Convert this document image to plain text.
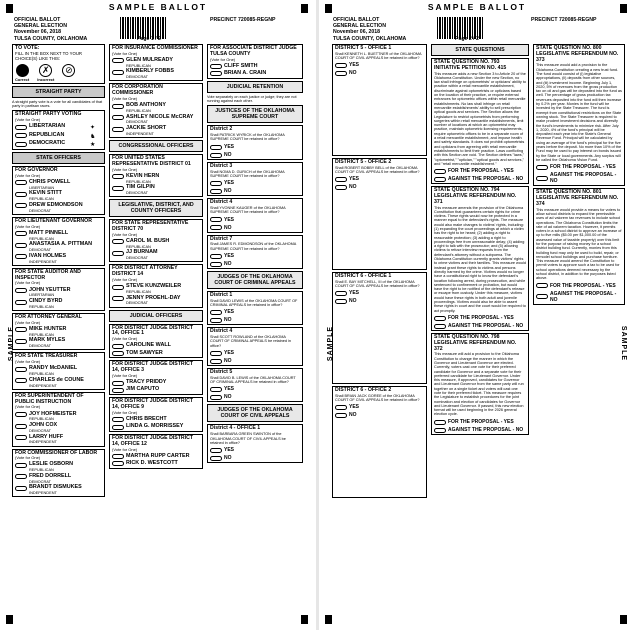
SAMPLE BALLOT
SAMPLE
OFFICIAL BALLOT
GENERAL ELECTION
November 06, 2018
TULSA COUNTY, OKLAHOMA
PRECINCT 720085-REGNP
Page 1 / 2
TO VOTE:
FILL IN THE BOX NEXT TO YOUR CHOICE(S) LIKE THIS:
Correct
✗
Incorrect
⊘
STRAIGHT PARTY
A straight party vote is a vote for all candidates of that party in partisan races.
STRAIGHT PARTY VOTING
(Vote for One)
LIBERTARIAN	✦
REPUBLICAN	♞
DEMOCRATIC	★
STATE OFFICERS
FOR GOVERNOR
(Vote for One)
CHRIS POWELL
LIBERTARIAN
KEVIN STITT
REPUBLICAN
DREW EDMONDSON
DEMOCRAT
FOR LIEUTENANT GOVERNOR
(Vote for One)
MATT PINNELL
REPUBLICAN
ANASTASIA A. PITTMAN
DEMOCRAT
IVAN HOLMES
INDEPENDENT
FOR STATE AUDITOR AND INSPECTOR
(Vote for One)
JOHN YEUTTER
LIBERTARIAN
CINDY BYRD
REPUBLICAN
FOR ATTORNEY GENERAL
(Vote for One)
MIKE HUNTER
REPUBLICAN
MARK MYLES
DEMOCRAT
FOR STATE TREASURER
(Vote for One)
RANDY McDANIEL
REPUBLICAN
CHARLES de COUNE
INDEPENDENT
FOR SUPERINTENDENT OF PUBLIC INSTRUCTION
(Vote for One)
JOY HOFMEISTER
REPUBLICAN
JOHN COX
DEMOCRAT
LARRY HUFF
INDEPENDENT
FOR COMMISSIONER OF LABOR
(Vote for One)
LESLIE OSBORN
REPUBLICAN
FRED DORRELL
DEMOCRAT
BRANDT DISMUKES
INDEPENDENT
FOR INSURANCE COMMISSIONER
(Vote for One)
GLEN MULREADY
REPUBLICAN
KIMBERLY FOBBS
DEMOCRAT
FOR CORPORATION COMMISSIONER
(Vote for One)
BOB ANTHONY
REPUBLICAN
ASHLEY NICOLE McCRAY
DEMOCRAT
JACKIE SHORT
INDEPENDENT
CONGRESSIONAL OFFICERS
FOR UNITED STATES REPRESENTATIVE DISTRICT 01
(Vote for One)
KEVIN HERN
REPUBLICAN
TIM GILPIN
DEMOCRAT
LEGISLATIVE, DISTRICT, AND COUNTY OFFICERS
FOR STATE REPRESENTATIVE DISTRICT 70
(Vote for One)
CAROL M. BUSH
REPUBLICAN
JJ BURNAM
DEMOCRAT
FOR DISTRICT ATTORNEY DISTRICT 14
(Vote for One)
STEVE KUNZWEILER
REPUBLICAN
JENNY PROEHL-DAY
DEMOCRAT
JUDICIAL OFFICERS
FOR DISTRICT JUDGE DISTRICT 14, OFFICE 1
(Vote for One)
CAROLINE WALL
TOM SAWYER
FOR DISTRICT JUDGE DISTRICT 14, OFFICE 3
(Vote for One)
TRACY PRIDDY
JIM CAPUTO
FOR DISTRICT JUDGE DISTRICT 14, OFFICE 9
(Vote for One)
CHRIS BRECHT
LINDA G. MORRISSEY
FOR DISTRICT JUDGE DISTRICT 14, OFFICE 12
(Vote for One)
MARTHA RUPP CARTER
RICK D. WESTCOTT
FOR ASSOCIATE DISTRICT JUDGE TULSA COUNTY
(Vote for One)
CLIFF SMITH
BRIAN A. CRAIN
JUDICIAL RETENTION
Vote separately on each justice or judge; they are not running against each other.
JUSTICES OF THE OKLAHOMA SUPREME COURT
District 2
Shall PATRICK WYRICK of the OKLAHOMA SUPREME COURT be retained in office?
YES
NO
District 3
Shall NOMA D. GURICH of the OKLAHOMA SUPREME COURT be retained in office?
YES
NO
District 4
Shall YVONNE KAUGER of the OKLAHOMA SUPREME COURT be retained in office?
YES
NO
District 7
Shall JAMES R. EDMONDSON of the OKLAHOMA SUPREME COURT be retained in office?
YES
NO
JUDGES OF THE OKLAHOMA COURT OF CRIMINAL APPEALS
District 1
Shall DAVID LEWIS of the OKLAHOMA COURT OF CRIMINAL APPEALS be retained in office?
YES
NO
District 4
Shall SCOTT ROWLAND of the OKLAHOMA COURT OF CRIMINAL APPEALS be retained in office?
YES
NO
District 5
Shall DAVID B. LEWIS of the OKLAHOMA COURT OF CRIMINAL APPEALS be retained in office?
YES
NO
JUDGES OF THE OKLAHOMA COURT OF CIVIL APPEALS
District 4 - OFFICE 1
Shall BARBARA GREEN SWINTON of the OKLAHOMA COURT OF CIVIL APPEALS be retained in office?
YES
NO
SAMPLE BALLOT
SAMPLE	SAMPLE
OFFICIAL BALLOT
GENERAL ELECTION
November 06, 2018
TULSA COUNTY, OKLAHOMA
PRECINCT 720085-REGNP
Page 2 / 2
DISTRICT 5 - OFFICE 1
Shall KENNETH L. BUETTNER of the OKLAHOMA COURT OF CIVIL APPEALS be retained in office?
YES
NO
DISTRICT 5 - OFFICE 2
Shall ROBERT BOBBY BELL of the OKLAHOMA COURT OF CIVIL APPEALS be retained in office?
YES
NO
DISTRICT 6 - OFFICE 1
Shall E. BAY MITCHELL, III of the OKLAHOMA COURT OF CIVIL APPEALS be retained in office?
YES
NO
DISTRICT 6 - OFFICE 2
Shall BRIAN JACK GOREE of the OKLAHOMA COURT OF CIVIL APPEALS be retained in office?
YES
NO
STATE QUESTIONS
STATE QUESTION NO. 793 INITIATIVE PETITION NO. 415
This measure adds a new Section 3 to Article 20 of the Oklahoma Constitution. Under the new Section, no law shall infringe on optometrists' or opticians' ability to practice within a retail mercantile establishment, discriminate against optometrists or opticians based on the location of their practice, or require external entrances for optometric offices within retail mercantile establishments. No law shall infringe on retail mercantile establishments' ability to sell prescription optical goods and services. The Section allows the Legislature to restrict optometrists from performing surgeries within retail mercantile establishments, limit number of locations at which an optometrist may practice, maintain optometric licensing requirements, require optometric offices to be in a separate room of a retail mercantile establishment, and impose health and safety standards. It does not prohibit optometrists and opticians from agreeing with retail mercantile establishments to limit their practice. Laws conflicting with this Section are void. The Section defines "laws," "optometrist," "optician," "optical goods and services," and "retail mercantile establishment."
FOR THE PROPOSAL - YES
AGAINST THE PROPOSAL - NO
STATE QUESTION NO. 794 LEGISLATIVE REFERENDUM NO. 371
This measure amends the provision of the Oklahoma Constitution that guarantees certain rights for crime victims. These rights would now be protected in a manner equal to the defendant's rights. The measure would also make changes to victims' rights, including: (1) expanding the court proceedings at which a victim has the right to be heard; (2) adding a right to reasonable protection; (3) adding a right to proceedings free from unreasonable delay; (4) adding a right to talk with the prosecutor; and (5) allowing victims to refuse interview requests from the defendant's attorney without a subpoena. The Oklahoma Constitution currently grants victims' rights to crime victims and their families. This measure would instead grant these rights to victims and persons directly harmed by the crime. Victims would no longer have a constitutional right to know the defendant's location following arrest, during prosecution, and while sentenced to confinement or probation, but would have the right to be notified of the defendant's release or escape from custody. Under this measure, victims would have these rights in both adult and juvenile proceedings. Victims would also be able to assert these rights in court and the court would be required to act promptly.
FOR THE PROPOSAL - YES
AGAINST THE PROPOSAL - NO
STATE QUESTION NO. 798 LEGISLATIVE REFERENDUM NO. 372
This measure will add a provision to the Oklahoma Constitution to change the manner in which the Governor and Lieutenant Governor are elected. Currently, voters cast one vote for their preferred candidate for Governor and a separate vote for their preferred candidate for Lieutenant Governor. Under this measure, if approved, candidates for Governor and Lieutenant Governor from the same party will run together on a single ticket and voters will cast one vote for their preferred ticket. This measure requires the Legislature to establish procedures for the joint nomination and election of candidates for Governor and Lieutenant Governor. If passed, this new election format will be used beginning in the 2026 general election cycle.
FOR THE PROPOSAL - YES
AGAINST THE PROPOSAL - NO
STATE QUESTION NO. 800 LEGISLATIVE REFERENDUM NO. 373
This measure would add a provision to the Oklahoma Constitution creating a new trust fund. The fund would consist of (i) legislative appropriations, (ii) deposits from other sources, and (iii) investment income. Beginning July 1, 2020, 5% of revenues from the gross production tax on oil and gas will be deposited into the fund as well. The percentage of gross production tax revenues deposited into the fund will then increase by 0.2% per year. Monies in the fund will be invested by the State Treasurer. The fund is exempt from constitutional restrictions on the State owning stock. The State Treasurer is required to make prudent investment decisions and diversify the fund's investments to minimize risk. After July 1, 2020, 4% of the fund's principal will be deposited each year into the State's General Revenue Fund. Principal will be calculated by using an average of the fund's principal for the five years before the deposit. No more than 10% of the Fund may be used to pay interest on bonds issued by the State or local governments. Any surplus will be called the Oklahoma Vision Fund.
FOR THE PROPOSAL - YES
AGAINST THE PROPOSAL - NO
STATE QUESTION NO. 801 LEGISLATIVE REFERENDUM NO. 374
This measure would provide a means for voters to allow school districts to expand the permissible uses of ad valorem tax revenues to include school operations. The Oklahoma Constitution limits the rate of ad valorem taxation. However, it permits voters in a school district to approve an increase of up to five mills ($5.00 per $1,000.00 of the assessed value of taxable property) over this limit for the purpose of raising money for a school district building fund. Currently, monies from this building fund may only be used to build, repair, or remodel school buildings and purchase furniture. This measure would amend the Constitution to permit voters to approve such a tax to be used for school operations deemed necessary by the school district, in addition to the purposes listed above.
FOR THE PROPOSAL - YES
AGAINST THE PROPOSAL - NO
